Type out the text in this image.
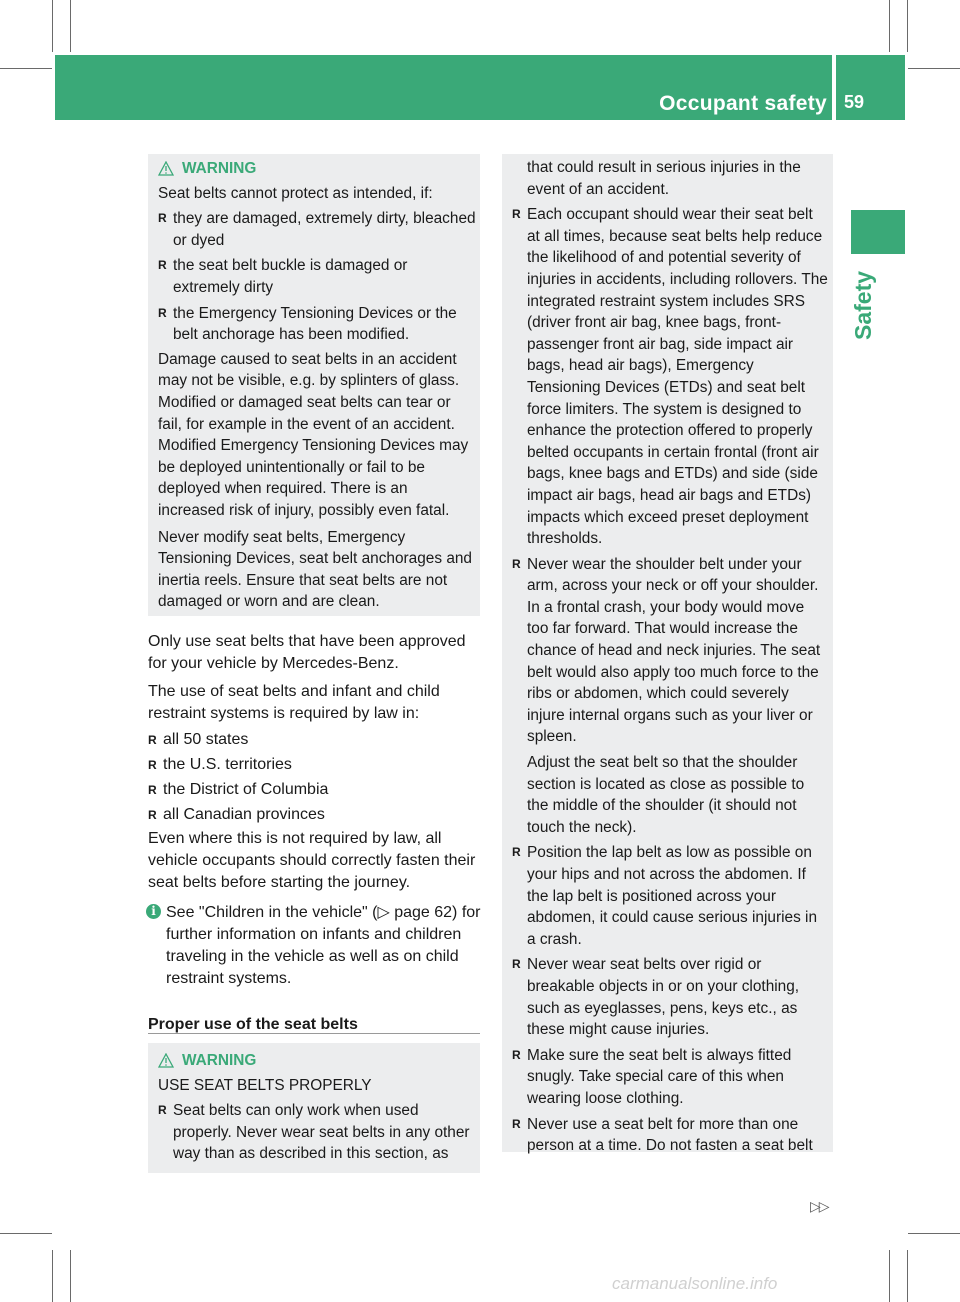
Occupant safety 59
Safety
WARNING

Seat belts cannot protect as intended, if:

R they are damaged, extremely dirty, bleached or dyed

R the seat belt buckle is damaged or extremely dirty

R the Emergency Tensioning Devices or the belt anchorage has been modified.

Damage caused to seat belts in an accident may not be visible, e.g. by splinters of glass. Modified or damaged seat belts can tear or fail, for example in the event of an accident. Modified Emergency Tensioning Devices may be deployed unintentionally or fail to be deployed when required. There is an increased risk of injury, possibly even fatal.

Never modify seat belts, Emergency Tensioning Devices, seat belt anchorages and inertia reels. Ensure that seat belts are not damaged or worn and are clean.

Only use seat belts that have been approved for your vehicle by Mercedes-Benz.

The use of seat belts and infant and child restraint systems is required by law in:

R all 50 states

R the U.S. territories

R the District of Columbia

R all Canadian provinces

Even where this is not required by law, all vehicle occupants should correctly fasten their seat belts before starting the journey.

i See "Children in the vehicle" (▷ page 62) for further information on infants and children traveling in the vehicle as well as on child restraint systems.
Proper use of the seat belts
WARNING

USE SEAT BELTS PROPERLY

R Seat belts can only work when used properly. Never wear seat belts in any other way than as described in this section, as

that could result in serious injuries in the event of an accident.

R Each occupant should wear their seat belt at all times, because seat belts help reduce the likelihood of and potential severity of injuries in accidents, including rollovers. The integrated restraint system includes SRS (driver front air bag, knee bags, front-passenger front air bag, side impact air bags, head air bags), Emergency Tensioning Devices (ETDs) and seat belt force limiters. The system is designed to enhance the protection offered to properly belted occupants in certain frontal (front air bags, knee bags and ETDs) and side (side impact air bags, head air bags and ETDs) impacts which exceed preset deployment thresholds.

R Never wear the shoulder belt under your arm, across your neck or off your shoulder. In a frontal crash, your body would move too far forward. That would increase the chance of head and neck injuries. The seat belt would also apply too much force to the ribs or abdomen, which could severely injure internal organs such as your liver or spleen.

Adjust the seat belt so that the shoulder section is located as close as possible to the middle of the shoulder (it should not touch the neck).

R Position the lap belt as low as possible on your hips and not across the abdomen. If the lap belt is positioned across your abdomen, it could cause serious injuries in a crash.

R Never wear seat belts over rigid or breakable objects in or on your clothing, such as eyeglasses, pens, keys etc., as these might cause injuries.

R Make sure the seat belt is always fitted snugly. Take special care of this when wearing loose clothing.

R Never use a seat belt for more than one person at a time. Do not fasten a seat belt

▷▷
carmanualsonline.info
